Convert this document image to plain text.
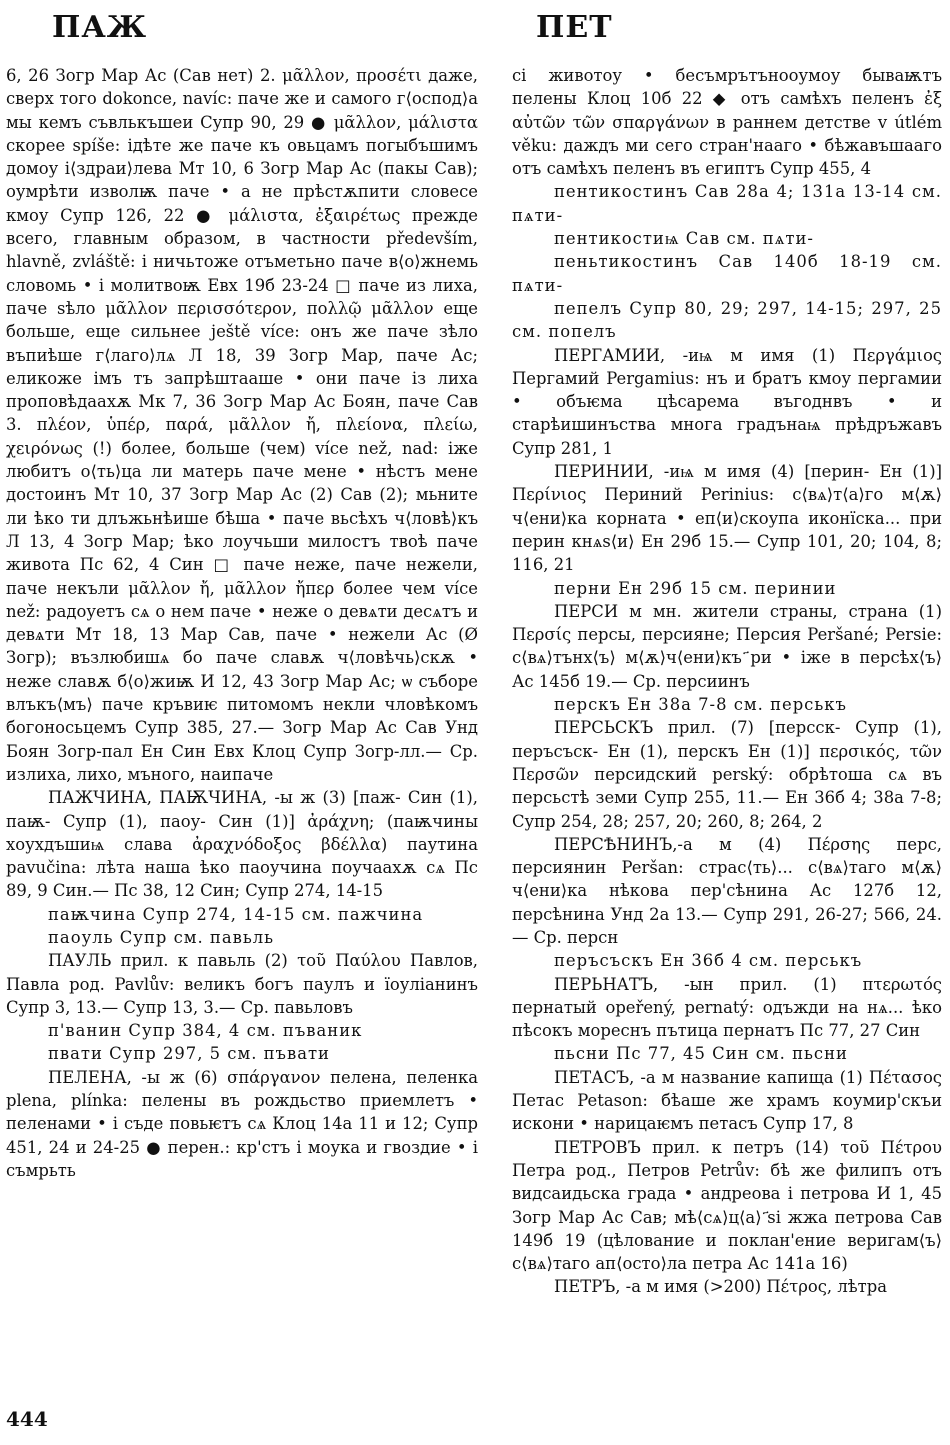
ПАЖ	ПЕТ

6, 26 Зогр Мар Ас (Сав нет) 2. μᾶλλον, προσέτι даже, сверх того dokonce, navíc: паче же и самого г⟨оспод⟩а мы кемъ съвлькъшеи Супр 90, 29 ● μᾶλλον, μάλιστα скорее spíše: ідѣте же паче къ овьцамъ погыбъшимъ домоу і⟨здраи⟩лева Мт 10, 6 Зогр Мар Ас (пакы Сав); оумрѣти изволѭ паче • а не прѣстѫпити словесе кмоу Супр 126, 22 ● μάλιστα, ἐξαιρέτως прежде всего, главным образом, в частности především, hlavně, zvláště: і ничьтоже отъметьно паче в⟨о⟩жнемь словомь • і молитвоѭ Евх 19б 23-24 □ паче из лиха, паче ѕѣло μᾶλλον περισσότερον, πολλῷ μᾶλλον еще больше, еще сильнее ještě více: онъ же паче зѣло въпиѣше г⟨лаго⟩лѧ Л 18, 39 Зогр Мар, паче Ас; еликоже імъ тъ запрѣштааше • они паче із лиха проповѣдаахѫ Мк 7, 36 Зогр Мар Ас Боян, паче Сав 3. πλέον, ὑπέρ, παρά, μᾶλλον ἤ, πλείονα, πλείω, χειρόνως (!) более, больше (чем) více než, nad: іже любитъ о⟨ть⟩ца ли матерь паче мене • нѣстъ мене достоинъ Мт 10, 37 Зогр Мар Ас (2) Сав (2); мьните ли ѣко ти длъжьнѣише бѣша • паче вьсѣхъ ч⟨ловѣ⟩къ Л 13, 4 Зогр Мар; ѣко лоучьши милостъ твоѣ паче живота Пс 62, 4 Син □ паче неже, паче нежели, паче некъли μᾶλλον ἤ, μᾶλλον ἤπερ более чем více než: радоуетъ сѧ о нем паче • неже о девѧти десѧтъ и девѧти Мт 18, 13 Мар Сав, паче • нежели Ас (Ø Зогр); възлюбишѧ бо паче славѫ ч⟨ловѣчь⟩скѫ • неже славѫ б⟨о⟩жиѭ И 12, 43 Зогр Мар Ас; ѡ съборе влъкъ⟨мъ⟩ паче кръвиѥ питомомъ некли чловѣкомъ богоносьцемъ Супр 385, 27.— Зогр Мар Ас Сав Унд Боян Зогр-пал Ен Син Евх Клоц Супр Зогр-лл.— Ср. излиха, лихо, мъного, наипаче

ПАЖЧИНА, ПАѬЧИНА, -ы ж (3) [паж- Син (1), паѭ- Супр (1), паоу- Син (1)] ἀράχνη; (паѭчины хоухдъшиѩ слава ἀραχνόδοξος βδέλλα) паутина pavučina: лѣта наша ѣко паоучина поучаахѫ сѧ Пс 89, 9 Син.— Пс 38, 12 Син; Супр 274, 14-15

паѭчина Супр 274, 14-15 см. пажчина

паоуль Супр см. павьль

ПАУЛЬ прил. к павьль (2) τοῦ Παύλου Павлов, Павла род. Pavlův: великъ богъ паулъ и їоуліанинъ Супр 3, 13.— Супр 13, 3.— Ср. павьловъ

п'ванин Супр 384, 4 см. пъваник

пвати Супр 297, 5 см. пъвати

ПЕЛЕНА, -ы ж (6) σπάργανον пелена, пеленка plena, plínka: пелены въ рождьство приемлетъ • пеленами • і съде повьѥтъ сѧ Клоц 14а 11 и 12; Супр 451, 24 и 24-25 ● перен.: кр'стъ і моука и гвоздие • і съмрьть

сі животоу • бесъмрътънооумоу бываѭтъ пелены Клоц 10б 22 ◆ отъ самѣхъ пеленъ ἐξ αὐτῶν τῶν σπαργάνων в раннем детстве v útlém věku: даждъ ми сего стран'нааго • бѣжавъшааго отъ самѣхъ пеленъ въ египтъ Супр 455, 4

пентикостинъ Сав 28а 4; 131а 13-14 см. пѧти-

пентикостиѩ Сав см. пѧти-

пеньтикостинъ Сав 140б 18-19 см. пѧти-

пепелъ Супр 80, 29; 297, 14-15; 297, 25 см. попелъ

ПЕРГАМИИ, -иѩ м имя (1) Περγάμιος Пергамий Pergamius: нъ и братъ кмоу пергамии • объѥма цѣсарема въгоднвъ • и старѣишинъства многа градънаѩ прѣдръжавъ Супр 281, 1

ПЕРИНИИ, -иѩ м имя (4) [перин- Ен (1)] Περίνιος Периний Perinius: с⟨вѧ⟩т⟨а⟩го м⟨ѫ⟩ч⟨ени⟩ка корната • еп⟨и⟩скоупа иконїска... при перин кнѧѕ⟨и⟩ Ен 29б 15.— Супр 101, 20; 104, 8; 116, 21

перни Ен 29б 15 см. перинии

ПЕРСИ м мн. жители страны, страна (1) Περσίς персы, персияне; Персия Peršané; Persie: с⟨вѧ⟩тънх⟨ъ⟩ м⟨ѫ⟩ч⟨ени⟩къ ҃ри • іже в персѣх⟨ъ⟩ Ас 145б 19.— Ср. персиинъ

перскъ Ен 38а 7-8 см. перськъ

ПЕРСЬСКЪ прил. (7) [персск- Супр (1), перъсъск- Ен (1), перскъ Ен (1)] περσικός, τῶν Περσῶν персидский perský: обрѣтоша сѧ въ персьстѣ земи Супр 255, 11.— Ен 36б 4; 38а 7-8; Супр 254, 28; 257, 20; 260, 8; 264, 2

ПЕРСѢНИНЪ,-а м (4) Πέρσης перс, персиянин Peršan: страс⟨ть⟩... с⟨вѧ⟩таго м⟨ѫ⟩ч⟨ени⟩ка нѣкова пер'сѣнина Ас 127б 12, персѣнина Унд 2а 13.— Супр 291, 26-27; 566, 24.— Ср. персн

перъсъскъ Ен 36б 4 см. перськъ

ПЕРЬНАТЪ, -ын прил. (1) πτερωτός пернатый opeřený, pernatý: одъжди на нѧ... ѣко пѣсокъ мореснъ пътица пернатъ Пс 77, 27 Син

пьсни Пс 77, 45 Син см. пьсни

ПЕТАСЪ, -а м название капища (1) Πέτασος Петас Petason: бѣаше же храмъ коумир'скъи искони • нарицаѥмъ петасъ Супр 17, 8

ПЕТРОВЪ прил. к петръ (14) τοῦ Πέτρου Петра род., Петров Petrův: бѣ же филипъ отъ видсаидьска града • андреова і петрова И 1, 45 Зогр Мар Ас Сав; мѣ⟨сѧ⟩ц⟨а⟩ ҃ѕі жжа петрова Сав 149б 19 (цѣлование и поклан'ение веригам⟨ъ⟩ с⟨вѧ⟩таго ап⟨осто⟩ла петра Ас 141а 16)

ПЕТРЪ, -а м имя (>200) Πέτρος, лѣтра

444
